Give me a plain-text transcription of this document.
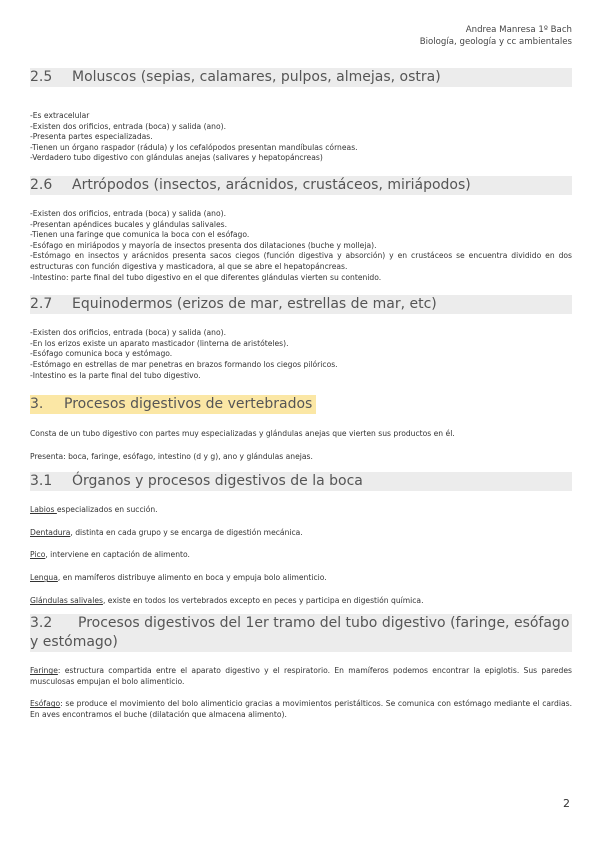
Andrea Manresa 1º Bach
Biología, geología y cc ambientales
2.5 Moluscos (sepias, calamares, pulpos, almejas, ostra)
-Es extracelular
-Existen dos orificios, entrada (boca) y salida (ano).
-Presenta partes especializadas.
-Tienen un órgano raspador (rádula) y los cefalópodos presentan mandíbulas córneas.
-Verdadero tubo digestivo con glándulas anejas (salivares y hepatopáncreas)
2.6 Artrópodos (insectos, arácnidos, crustáceos, miriápodos)
-Existen dos orificios, entrada (boca) y salida (ano).
-Presentan apéndices bucales y glándulas salivales.
-Tienen una faringe que comunica la boca con el esófago.
-Esófago en miriápodos y mayoría de insectos presenta dos dilataciones (buche y molleja).
-Estómago en insectos y arácnidos presenta sacos ciegos (función digestiva y absorción) y en crustáceos se encuentra dividido en dos estructuras con función digestiva y masticadora, al que se abre el hepatopáncreas.
-Intestino: parte final del tubo digestivo en el que diferentes glándulas vierten su contenido.
2.7 Equinodermos (erizos de mar, estrellas de mar, etc)
-Existen dos orificios, entrada (boca) y salida (ano).
-En los erizos existe un aparato masticador (linterna de aristóteles).
-Esófago comunica boca y estómago.
-Estómago en estrellas de mar penetras en brazos formando los ciegos pilóricos.
-Intestino es la parte final del tubo digestivo.
3. Procesos digestivos de vertebrados

Consta de un tubo digestivo con partes muy especializadas y glándulas anejas que vierten sus productos en él.

Presenta: boca, faringe, esófago, intestino (d y g), ano y glándulas anejas.

3.1 Órganos y procesos digestivos de la boca

Labios especializados en succión.

Dentadura, distinta en cada grupo y se encarga de digestión mecánica.

Pico, interviene en captación de alimento.

Lengua, en mamíferos distribuye alimento en boca y empuja bolo alimenticio.

Glándulas salivales, existe en todos los vertebrados excepto en peces y participa en digestión química.

3.2 Procesos digestivos del 1er tramo del tubo digestivo (faringe, esófago y estómago)

Faringe: estructura compartida entre el aparato digestivo y el respiratorio. En mamíferos podemos encontrar la epiglotis. Sus paredes musculosas empujan el bolo alimenticio.

Esófago: se produce el movimiento del bolo alimenticio gracias a movimientos peristálticos. Se comunica con estómago mediante el cardias. En aves encontramos el buche (dilatación que almacena alimento).

2
